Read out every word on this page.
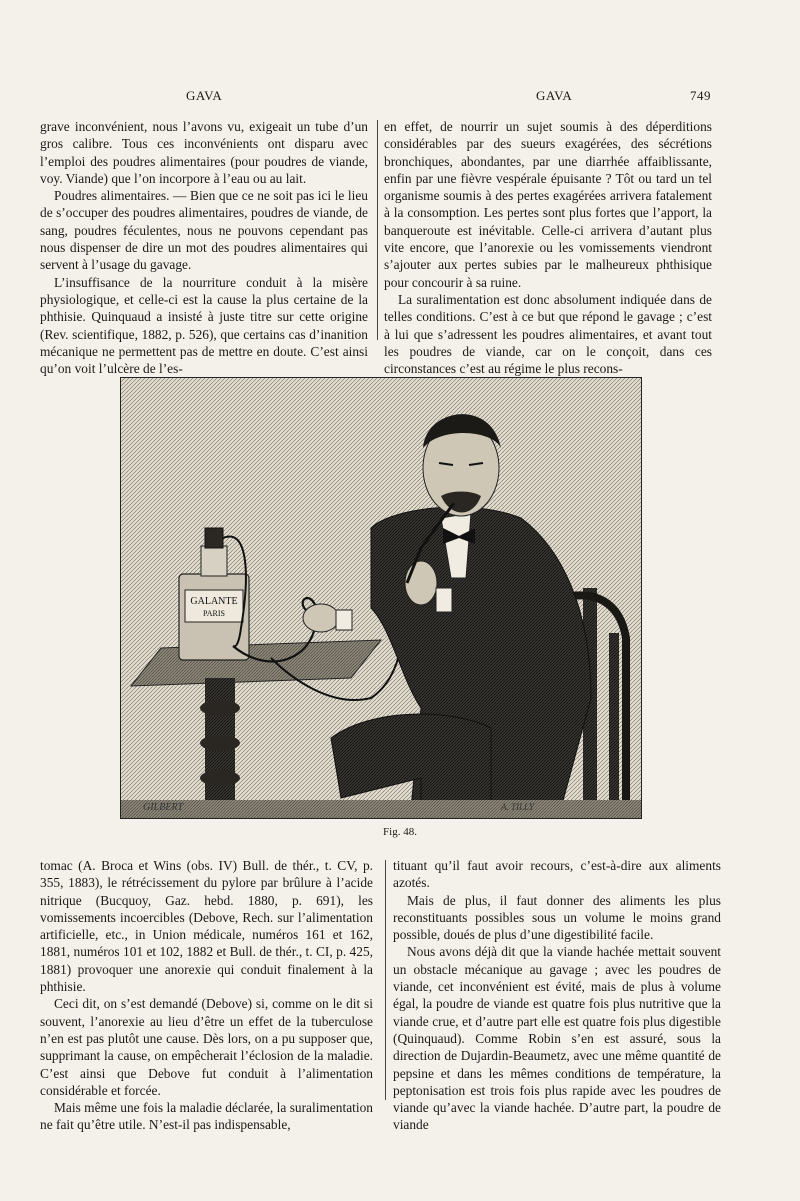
GAVA	GAVA	749

grave inconvénient, nous l’avons vu, exigeait un tube d’un gros calibre. Tous ces inconvénients ont disparu avec l’emploi des poudres alimentaires (pour poudres de viande, voy. Viande) que l’on incorpore à l’eau ou au lait.

Poudres alimentaires. — Bien que ce ne soit pas ici le lieu de s’occuper des poudres alimentaires, poudres de viande, de sang, poudres féculentes, nous ne pouvons cependant pas nous dispenser de dire un mot des poudres alimentaires qui servent à l’usage du gavage.

L’insuffisance de la nourriture conduit à la misère physiologique, et celle-ci est la cause la plus certaine de la phthisie. Quinquaud a insisté à juste titre sur cette origine (Rev. scientifique, 1882, p. 526), que certains cas d’inanition mécanique ne permettent pas de mettre en doute. C’est ainsi qu’on voit l’ulcère de l’es-

en effet, de nourrir un sujet soumis à des déperditions considérables par des sueurs exagérées, des sécrétions bronchiques, abondantes, par une diarrhée affaiblissante, enfin par une fièvre vespérale épuisante ? Tôt ou tard un tel organisme soumis à des pertes exagérées arrivera fatalement à la consomption. Les pertes sont plus fortes que l’apport, la banqueroute est inévitable. Celle-ci arrivera d’autant plus vite encore, que l’anorexie ou les vomissements viendront s’ajouter aux pertes subies par le malheureux phthisique pour concourir à sa ruine.

La suralimentation est donc absolument indiquée dans de telles conditions. C’est à ce but que répond le gavage ; c’est à lui que s’adressent les poudres alimentaires, et avant tout les poudres de viande, car on le conçoit, dans ces circonstances c’est au régime le plus recons-

GALANTE
PARIS
GILBERT	A. TILLY
Fig. 48.

tomac (A. Broca et Wins (obs. IV) Bull. de thér., t. CV, p. 355, 1883), le rétrécissement du pylore par brûlure à l’acide nitrique (Bucquoy, Gaz. hebd. 1880, p. 691), les vomissements incoercibles (Debove, Rech. sur l’alimentation artificielle, etc., in Union médicale, numéros 161 et 162, 1881, numéros 101 et 102, 1882 et Bull. de thér., t. CI, p. 425, 1881) provoquer une anorexie qui conduit finalement à la phthisie.

Ceci dit, on s’est demandé (Debove) si, comme on le dit si souvent, l’anorexie au lieu d’être un effet de la tuberculose n’en est pas plutôt une cause. Dès lors, on a pu supposer que, supprimant la cause, on empêcherait l’éclosion de la maladie. C’est ainsi que Debove fut conduit à l’alimentation considérable et forcée.

Mais même une fois la maladie déclarée, la suralimentation ne fait qu’être utile. N’est-il pas indispensable,

tituant qu’il faut avoir recours, c’est-à-dire aux aliments azotés.

Mais de plus, il faut donner des aliments les plus reconstituants possibles sous un volume le moins grand possible, doués de plus d’une digestibilité facile.

Nous avons déjà dit que la viande hachée mettait souvent un obstacle mécanique au gavage ; avec les poudres de viande, cet inconvénient est évité, mais de plus à volume égal, la poudre de viande est quatre fois plus nutritive que la viande crue, et d’autre part elle est quatre fois plus digestible (Quinquaud). Comme Robin s’en est assuré, sous la direction de Dujardin-Beaumetz, avec une même quantité de pepsine et dans les mêmes conditions de température, la peptonisation est trois fois plus rapide avec les poudres de viande qu’avec la viande hachée. D’autre part, la poudre de viande
